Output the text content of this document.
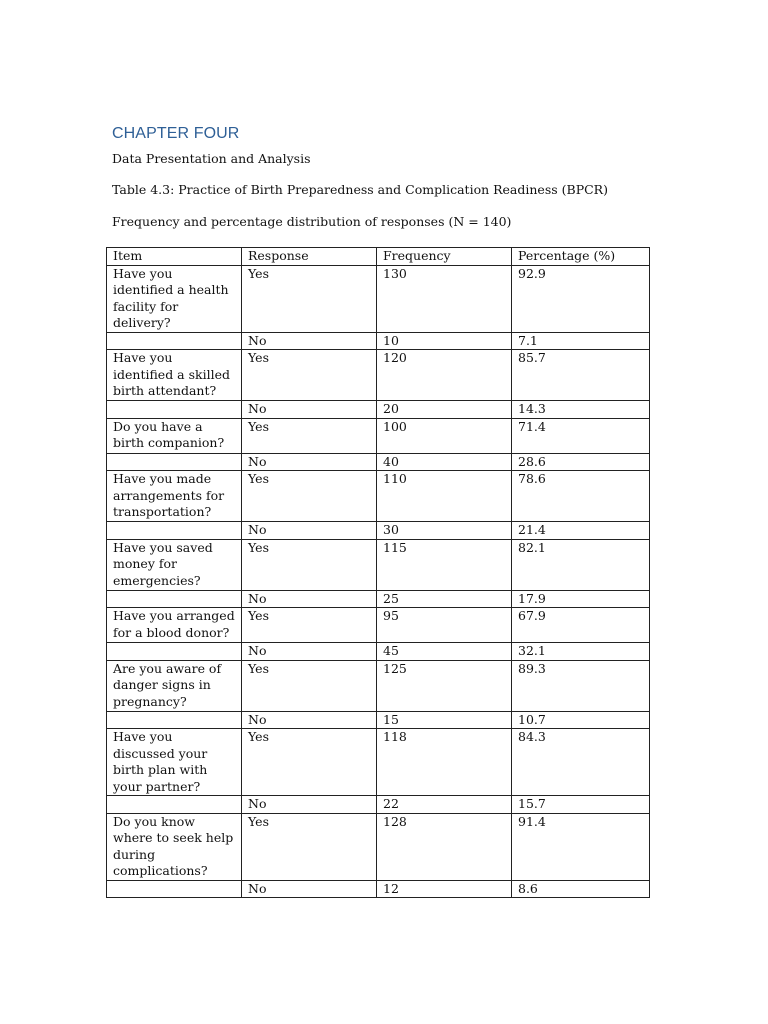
CHAPTER FOUR
Data Presentation and Analysis
Table 4.3: Practice of Birth Preparedness and Complication Readiness (BPCR)
Frequency and percentage distribution of responses (N = 140)
Item	Response	Frequency	Percentage (%)
Have you identified a health facility for delivery?	Yes	130	92.9
	No	10	7.1
Have you identified a skilled birth attendant?	Yes	120	85.7
	No	20	14.3
Do you have a birth companion?	Yes	100	71.4
	No	40	28.6
Have you made arrangements for transportation?	Yes	110	78.6
	No	30	21.4
Have you saved money for emergencies?	Yes	115	82.1
	No	25	17.9
Have you arranged for a blood donor?	Yes	95	67.9
	No	45	32.1
Are you aware of danger signs in pregnancy?	Yes	125	89.3
	No	15	10.7
Have you discussed your birth plan with your partner?	Yes	118	84.3
	No	22	15.7
Do you know where to seek help during complications?	Yes	128	91.4
	No	12	8.6
